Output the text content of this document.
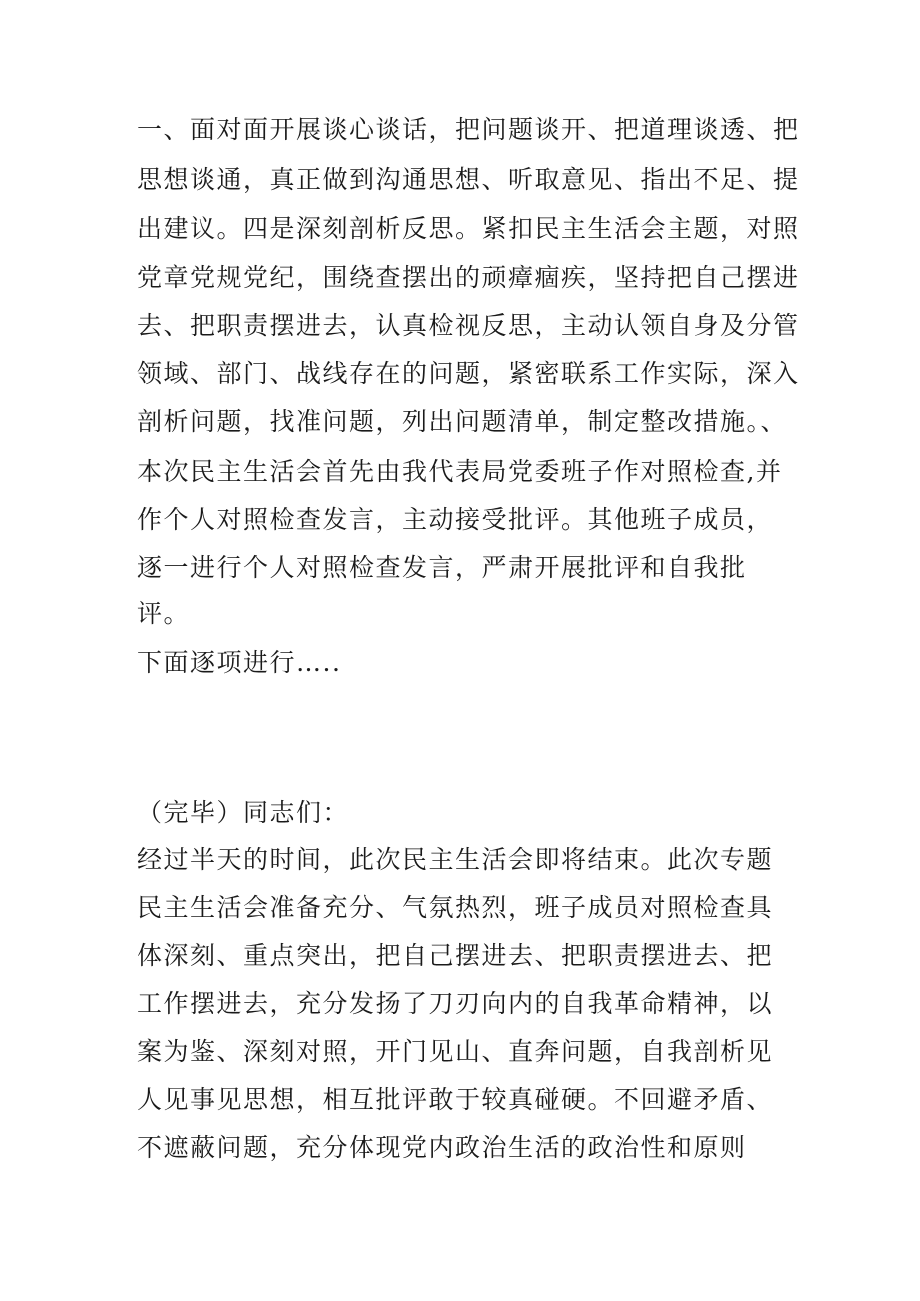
一、面对面开展谈心谈话，把问题谈开、把道理谈透、把
思想谈通，真正做到沟通思想、听取意见、指出不足、提
出建议。四是深刻剖析反思。紧扣民主生活会主题，对照
党章党规党纪，围绕查摆出的顽瘴痼疾，坚持把自己摆进
去、把职责摆进去，认真检视反思，主动认领自身及分管
领域、部门、战线存在的问题，紧密联系工作实际，深入
剖析问题，找准问题，列出问题清单，制定整改措施。、
本次民主生活会首先由我代表局党委班子作对照检查,并
作个人对照检查发言，主动接受批评。其他班子成员，
逐一进行个人对照检查发言，严肃开展批评和自我批
评。
下面逐项进行…..
（完毕）同志们：
经过半天的时间，此次民主生活会即将结束。此次专题
民主生活会准备充分、气氛热烈，班子成员对照检查具
体深刻、重点突出，把自己摆进去、把职责摆进去、把
工作摆进去，充分发扬了刀刃向内的自我革命精神，以
案为鉴、深刻对照，开门见山、直奔问题，自我剖析见
人见事见思想，相互批评敢于较真碰硬。不回避矛盾、
不遮蔽问题，充分体现党内政治生活的政治性和原则
